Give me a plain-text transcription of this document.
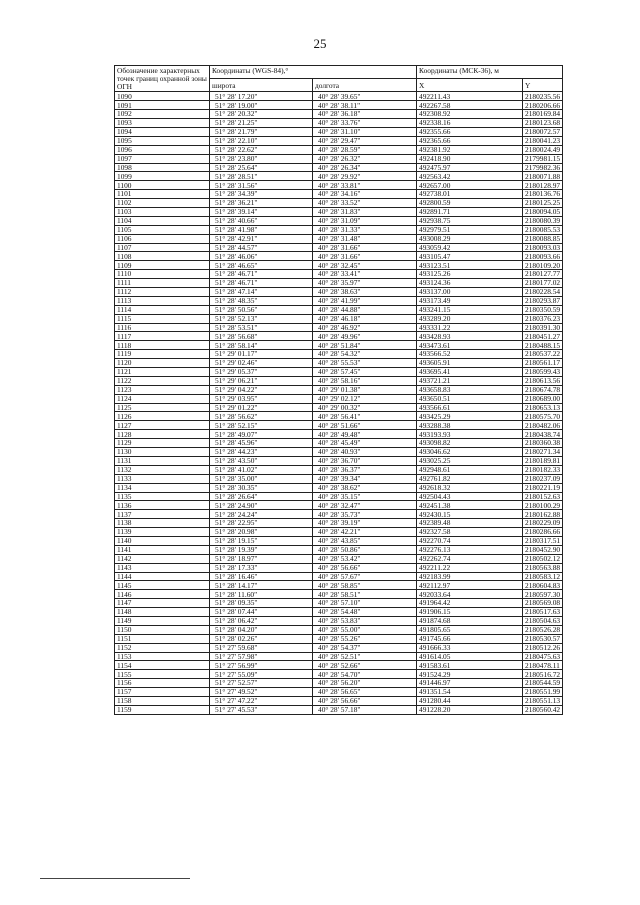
25
Обозначение характерных точек границ охранной зоны ОГН	Координаты (WGS-84),°		Координаты (МСК-36), м	
	широта	долгота	X	Y
1090	51° 28' 17.20"	40° 28' 39.65"	492211.43	2180235.56
1091	51° 28' 19.00"	40° 28' 38.11"	492267.58	2180206.66
1092	51° 28' 20.32"	40° 28' 36.18"	492308.92	2180169.84
1093	51° 28' 21.25"	40° 28' 33.76"	492338.16	2180123.68
1094	51° 28' 21.79"	40° 28' 31.10"	492355.66	2180072.57
1095	51° 28' 22.10"	40° 28' 29.47"	492365.66	2180041.23
1096	51° 28' 22.62"	40° 28' 28.59"	492381.92	2180024.49
1097	51° 28' 23.80"	40° 28' 26.32"	492418.90	2179981.15
1098	51° 28' 25.64"	40° 28' 26.34"	492475.97	2179982.36
1099	51° 28' 28.51"	40° 28' 29.92"	492563.42	2180071.88
1100	51° 28' 31.56"	40° 28' 33.81"	492657.00	2180128.97
1101	51° 28' 34.39"	40° 28' 34.16"	492738.01	2180136.76
1102	51° 28' 36.21"	40° 28' 33.52"	492800.59	2180125.25
1103	51° 28' 39.14"	40° 28' 31.83"	492891.71	2180094.05
1104	51° 28' 40.66"	40° 28' 31.09"	492938.75	2180080.39
1105	51° 28' 41.98"	40° 28' 31.33"	492979.51	2180085.53
1106	51° 28' 42.91"	40° 28' 31.48"	493008.29	2180088.85
1107	51° 28' 44.57"	40° 28' 31.66"	493059.42	2180093.03
1108	51° 28' 46.06"	40° 28' 31.66"	493105.47	2180093.66
1109	51° 28' 46.65"	40° 28' 32.45"	493123.51	2180109.20
1110	51° 28' 46.71"	40° 28' 33.41"	493125.26	2180127.77
1111	51° 28' 46.71"	40° 28' 35.97"	493124.36	2180177.02
1112	51° 28' 47.14"	40° 28' 38.63"	493137.00	2180228.54
1113	51° 28' 48.35"	40° 28' 41.99"	493173.49	2180293.87
1114	51° 28' 50.56"	40° 28' 44.88"	493241.15	2180350.59
1115	51° 28' 52.13"	40° 28' 46.18"	493289.20	2180376.23
1116	51° 28' 53.51"	40° 28' 46.92"	493331.22	2180391.30
1117	51° 28' 56.68"	40° 28' 49.96"	493428.93	2180451.27
1118	51° 28' 58.14"	40° 28' 51.84"	493473.61	2180488.15
1119	51° 29' 01.17"	40° 28' 54.32"	493566.52	2180537.22
1120	51° 29' 02.46"	40° 28' 55.53"	493605.91	2180561.17
1121	51° 29' 05.37"	40° 28' 57.45"	493695.41	2180599.43
1122	51° 29' 06.21"	40° 28' 58.16"	493721.21	2180613.56
1123	51° 29' 04.22"	40° 29' 01.38"	493658.83	2180674.78
1124	51° 29' 03.95"	40° 29' 02.12"	493650.51	2180689.00
1125	51° 29' 01.22"	40° 29' 00.32"	493566.61	2180653.13
1126	51° 28' 56.62"	40° 28' 56.41"	493425.29	2180575.70
1127	51° 28' 52.15"	40° 28' 51.66"	493288.38	2180482.06
1128	51° 28' 49.07"	40° 28' 49.48"	493193.93	2180438.74
1129	51° 28' 45.96"	40° 28' 45.49"	493098.82	2180360.38
1130	51° 28' 44.23"	40° 28' 40.93"	493046.62	2180271.34
1131	51° 28' 43.50"	40° 28' 36.70"	493025.25	2180189.81
1132	51° 28' 41.02"	40° 28' 36.37"	492948.61	2180182.33
1133	51° 28' 35.00"	40° 28' 39.34"	492761.82	2180237.09
1134	51° 28' 30.35"	40° 28' 38.62"	492618.32	2180221.19
1135	51° 28' 26.64"	40° 28' 35.15"	492504.43	2180152.63
1136	51° 28' 24.90"	40° 28' 32.47"	492451.38	2180100.29
1137	51° 28' 24.24"	40° 28' 35.73"	492430.15	2180162.88
1138	51° 28' 22.95"	40° 28' 39.19"	492389.48	2180229.09
1139	51° 28' 20.98"	40° 28' 42.21"	492327.58	2180286.66
1140	51° 28' 19.15"	40° 28' 43.85"	492270.74	2180317.51
1141	51° 28' 19.39"	40° 28' 50.86"	492276.13	2180452.90
1142	51° 28' 18.97"	40° 28' 53.42"	492262.74	2180502.12
1143	51° 28' 17.33"	40° 28' 56.66"	492211.22	2180563.88
1144	51° 28' 16.46"	40° 28' 57.67"	492183.99	2180583.12
1145	51° 28' 14.17"	40° 28' 58.85"	492112.97	2180604.83
1146	51° 28' 11.60"	40° 28' 58.51"	492033.64	2180597.30
1147	51° 28' 09.35"	40° 28' 57.10"	491964.42	2180569.08
1148	51° 28' 07.44"	40° 28' 54.48"	491906.15	2180517.63
1149	51° 28' 06.42"	40° 28' 53.83"	491874.68	2180504.63
1150	51° 28' 04.20"	40° 28' 55.00"	491805.65	2180526.28
1151	51° 28' 02.26"	40° 28' 55.26"	491745.66	2180530.57
1152	51° 27' 59.68"	40° 28' 54.37"	491666.33	2180512.26
1153	51° 27' 57.98"	40° 28' 52.51"	491614.05	2180475.63
1154	51° 27' 56.99"	40° 28' 52.66"	491583.61	2180478.11
1155	51° 27' 55.09"	40° 28' 54.70"	491524.29	2180516.72
1156	51° 27' 52.57"	40° 28' 56.20"	491446.97	2180544.59
1157	51° 27' 49.52"	40° 28' 56.65"	491351.54	2180551.99
1158	51° 27' 47.22"	40° 28' 56.66"	491280.44	2180551.13
1159	51° 27' 45.53"	40° 28' 57.18"	491228.20	2180560.42
